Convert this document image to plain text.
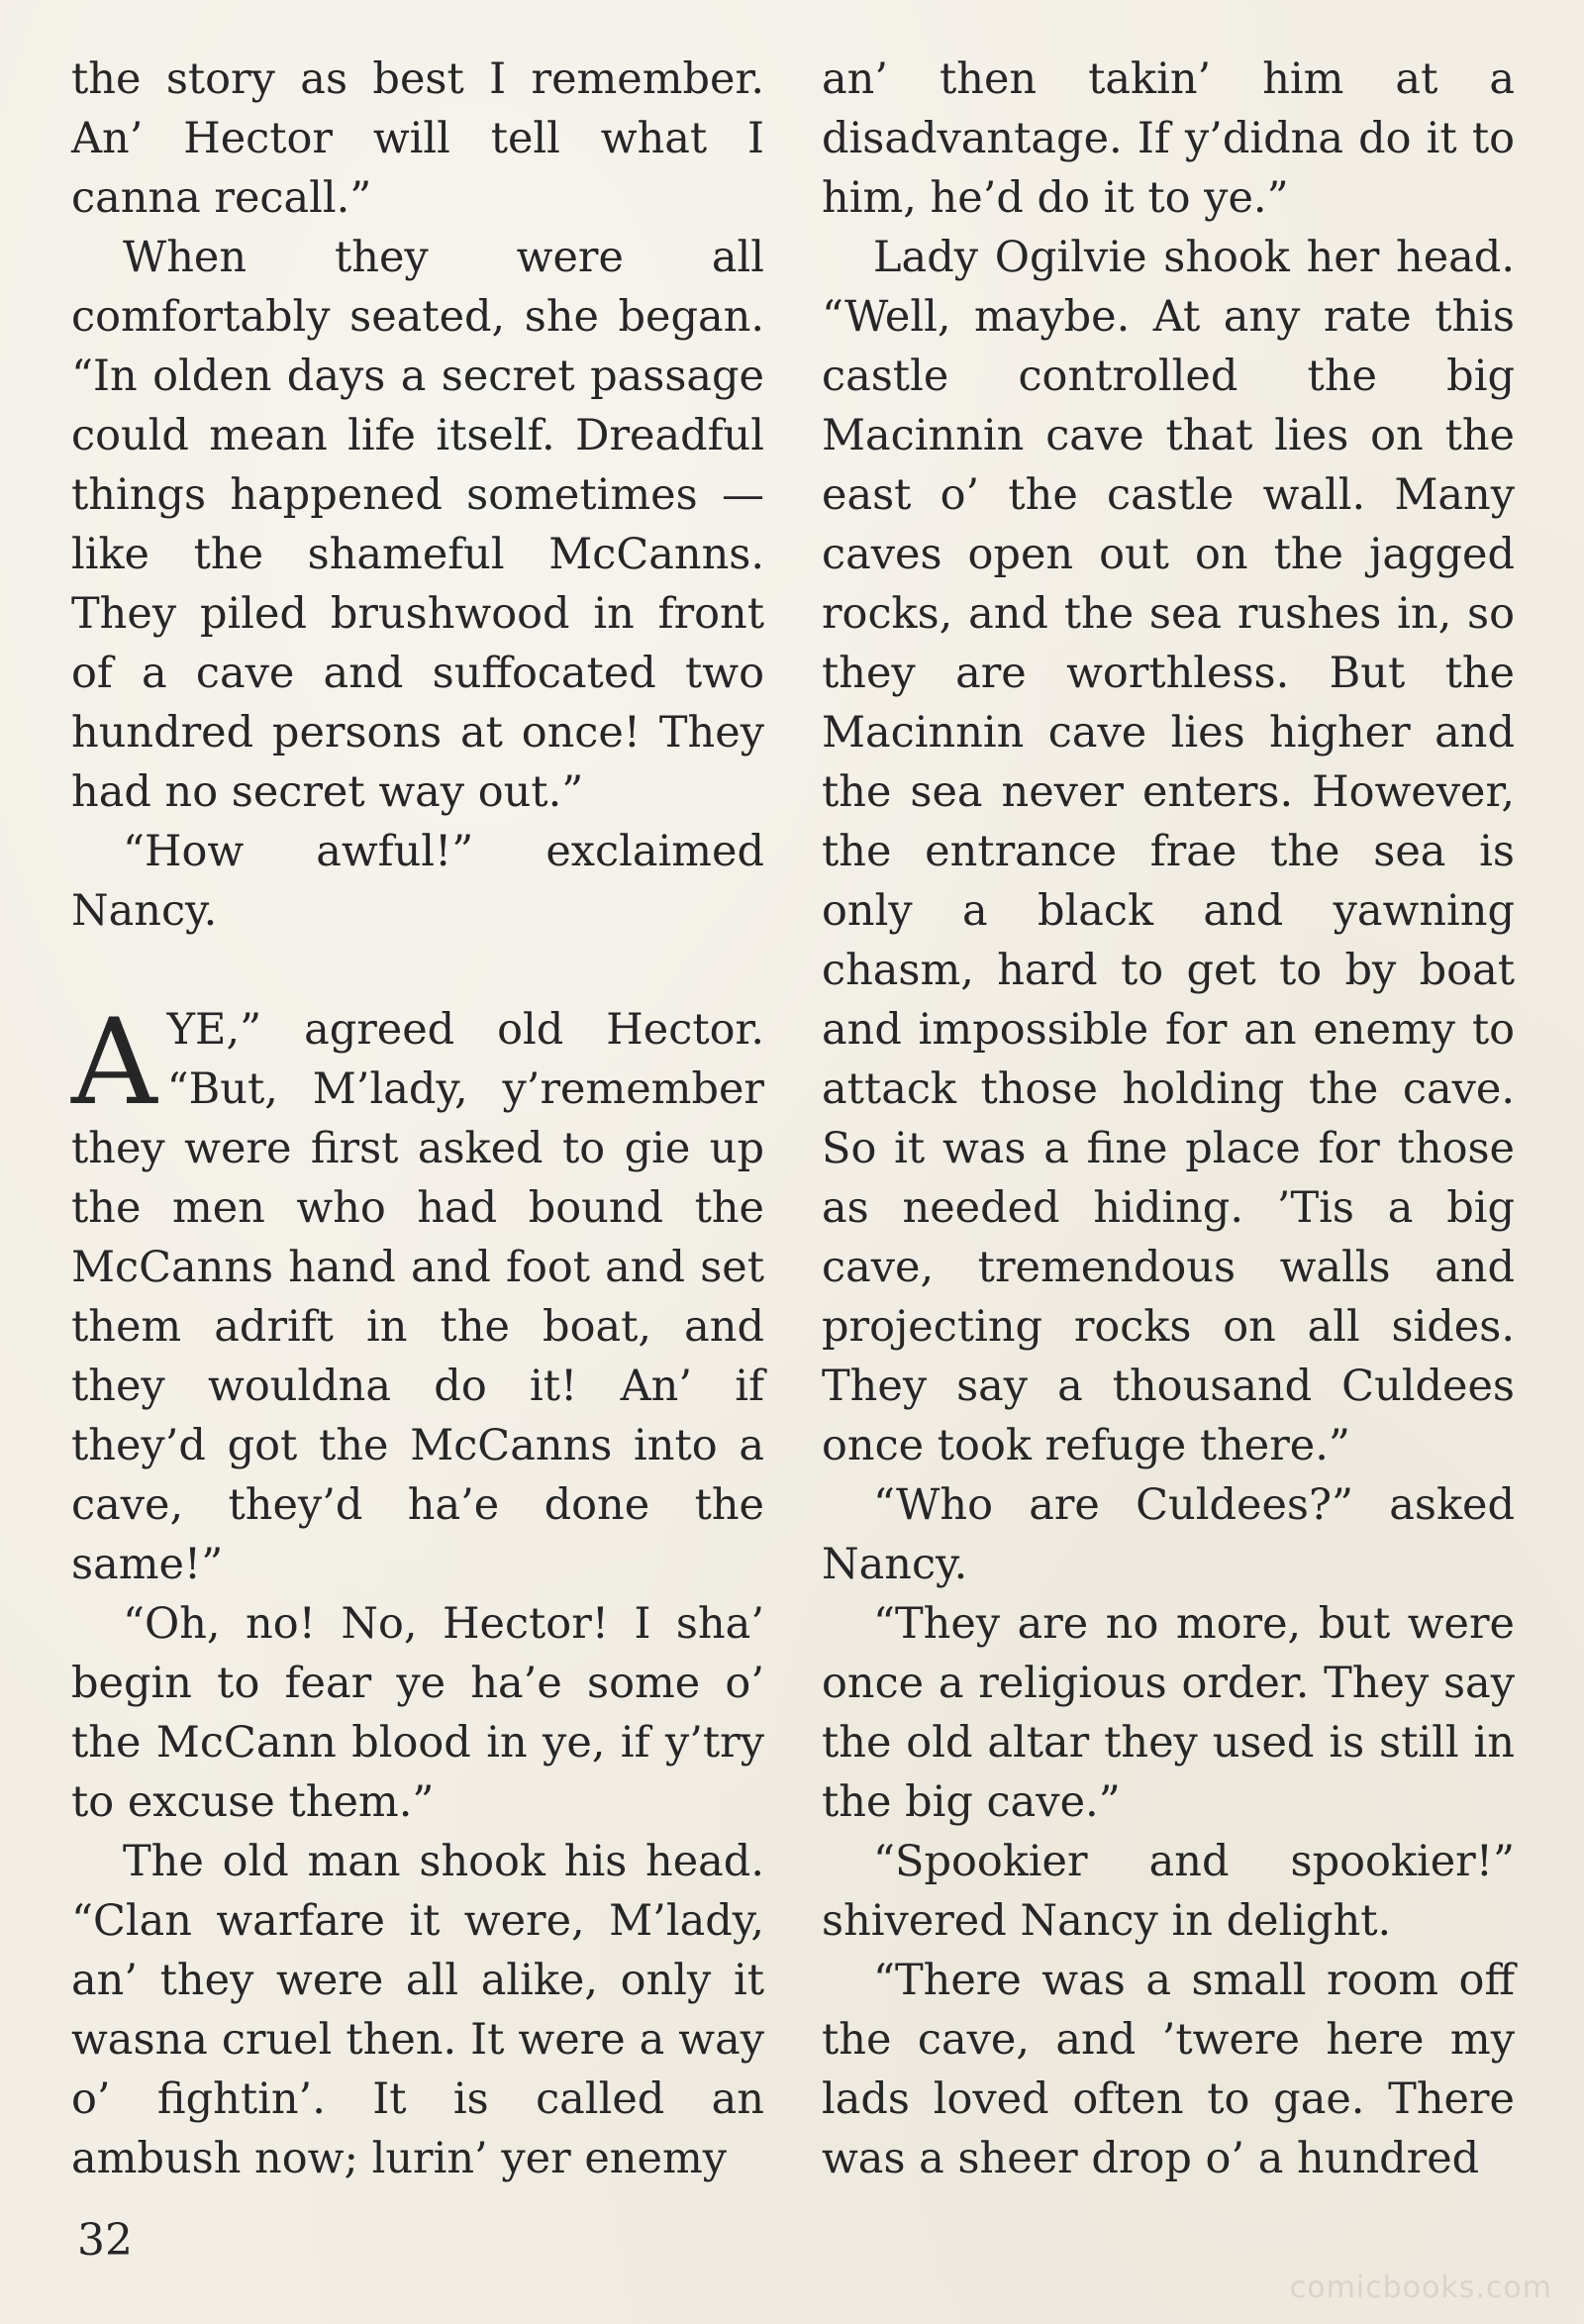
the story as best I remember. An’ Hector will tell what I canna recall.”

When they were all comfortably seated, she began. “In olden days a secret passage could mean life itself. Dreadful things happened sometimes — like the shameful McCanns. They piled brushwood in front of a cave and suffocated two hundred persons at once! They had no secret way out.”

“How awful!” exclaimed Nancy.

AYE,” agreed old Hector. “But, M’lady, y’remember they were first asked to gie up the men who had bound the McCanns hand and foot and set them adrift in the boat, and they wouldna do it! An’ if they’d got the McCanns into a cave, they’d ha’e done the same!”

“Oh, no! No, Hector! I sha’ begin to fear ye ha’e some o’ the McCann blood in ye, if y’try to excuse them.”

The old man shook his head. “Clan warfare it were, M’lady, an’ they were all alike, only it wasna cruel then. It were a way o’ fightin’. It is called an ambush now; lurin’ yer enemy

an’ then takin’ him at a disadvantage. If y’didna do it to him, he’d do it to ye.”

Lady Ogilvie shook her head. “Well, maybe. At any rate this castle controlled the big Macinnin cave that lies on the east o’ the castle wall. Many caves open out on the jagged rocks, and the sea rushes in, so they are worthless. But the Macinnin cave lies higher and the sea never enters. However, the entrance frae the sea is only a black and yawning chasm, hard to get to by boat and impossible for an enemy to attack those holding the cave. So it was a fine place for those as needed hiding. ’Tis a big cave, tremendous walls and projecting rocks on all sides. They say a thousand Culdees once took refuge there.”

“Who are Culdees?” asked Nancy.

“They are no more, but were once a religious order. They say the old altar they used is still in the big cave.”

“Spookier and spookier!” shivered Nancy in delight.

“There was a small room off the cave, and ’twere here my lads loved often to gae. There was a sheer drop o’ a hundred

32
comicbooks.com
